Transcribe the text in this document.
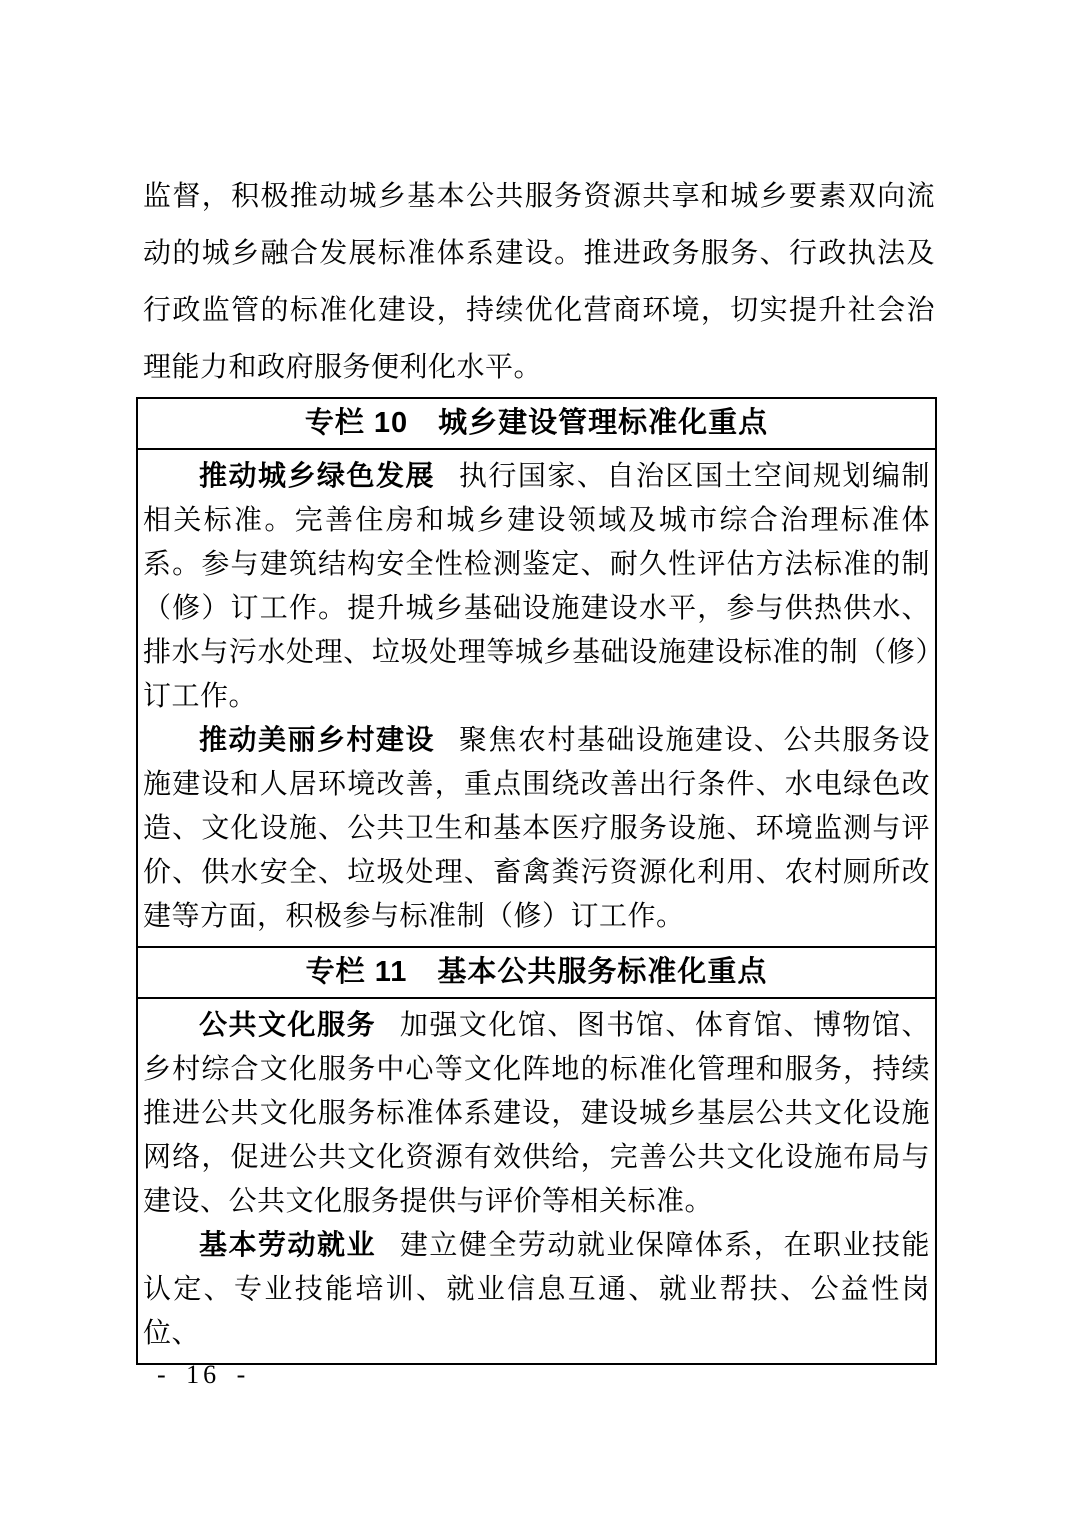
监督，积极推动城乡基本公共服务资源共享和城乡要素双向流动的城乡融合发展标准体系建设。推进政务服务、行政执法及行政监管的标准化建设，持续优化营商环境，切实提升社会治理能力和政府服务便利化水平。

专栏 10　城乡建设管理标准化重点

推动城乡绿色发展 执行国家、自治区国土空间规划编制相关标准。完善住房和城乡建设领域及城市综合治理标准体系。参与建筑结构安全性检测鉴定、耐久性评估方法标准的制（修）订工作。提升城乡基础设施建设水平，参与供热供水、排水与污水处理、垃圾处理等城乡基础设施建设标准的制（修）订工作。

推动美丽乡村建设 聚焦农村基础设施建设、公共服务设施建设和人居环境改善，重点围绕改善出行条件、水电绿色改造、文化设施、公共卫生和基本医疗服务设施、环境监测与评价、供水安全、垃圾处理、畜禽粪污资源化利用、农村厕所改建等方面，积极参与标准制（修）订工作。

专栏 11　基本公共服务标准化重点

公共文化服务 加强文化馆、图书馆、体育馆、博物馆、乡村综合文化服务中心等文化阵地的标准化管理和服务，持续推进公共文化服务标准体系建设，建设城乡基层公共文化设施网络，促进公共文化资源有效供给，完善公共文化设施布局与建设、公共文化服务提供与评价等相关标准。

基本劳动就业 建立健全劳动就业保障体系，在职业技能认定、专业技能培训、就业信息互通、就业帮扶、公益性岗位、

- 16 -
